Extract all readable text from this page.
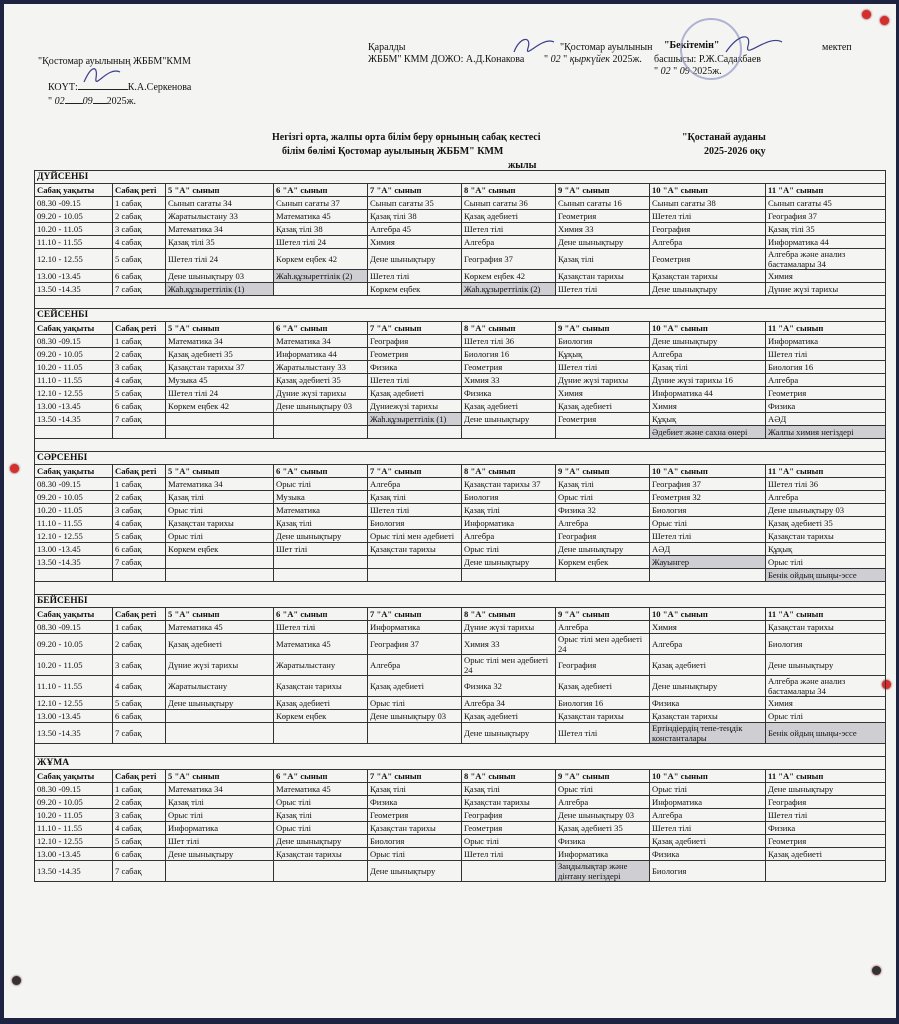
"Қостомар ауылының ЖББМ"КММ

КОҮТ:	К.А.Серкенова

" 02 09 2025ж.

Қаралды
ЖББМ" КММ ДОЖО: А.Д.Конакова " 02 " қыркүйек 2025ж.
"Қостомар ауылынын "Бекітемін"	мектеп
басшысы: Р.Ж.Садакбаев
" 02 " 09 2025ж.
Негізгі орта, жалпы орта білім беру орнының сабақ кестесі
білім бөлімі Қостомар ауылының ЖББМ" КММ
жылы
"Қостанай ауданы
2025-2026 оқу
ДҮЙСЕНБІ								
Сабақ уақыты	Сабақ реті	5 "А" сынып	6 "А" сынып	7 "А" сынып	8 "А" сынып	9 "А" сынып	10 "А" сынып	11 "А" сынып
08.30 -09.15	1 сабақ	Сынып сағаты 34	Сынып сағаты 37	Сынып сағаты 35	Сынып сағаты 36	Сынып сағаты 16	Сынып сағаты 38	Сынып сағаты 45
09.20 - 10.05	2 сабақ	Жаратылыстану 33	Математика 45	Қазақ тілі 38	Қазақ әдебиеті	Геометрия	Шетел тілі	География 37
10.20 - 11.05	3 сабақ	Математика 34	Қазақ тілі 38	Алгебра 45	Шетел тілі	Химия 33	География	Қазақ тілі 35
11.10 - 11.55	4 сабақ	Қазақ тілі 35	Шетел тілі 24	Химия	Алгебра	Дене шынықтыру	Алгебра	Информатика 44
12.10 - 12.55	5 сабақ	Шетел тілі 24	Көркем еңбек 42	Дене шынықтыру	География 37	Қазақ тілі	Геометрия	Алгебра және анализ бастамалары 34
13.00 -13.45	6 сабақ	Дене шынықтыру 03	Жаһ.құзыреттілік (2)	Шетел тілі	Көркем еңбек 42	Қазақстан тарихы	Қазақстан тарихы	Химия
13.50 -14.35	7 сабақ	Жаһ.құзыреттілік (1)		Көркем еңбек	Жаһ.құзыреттілік (2)	Шетел тілі	Дене шынықтыру	Дүние жүзі тарихы

СЕЙСЕНБІ								
Сабақ уақыты	Сабақ реті	5 "А" сынып	6 "А" сынып	7 "А" сынып	8 "А" сынып	9 "А" сынып	10 "А" сынып	11 "А" сынып
08.30 -09.15	1 сабақ	Математика 34	Математика 34	География	Шетел тілі 36	Биология	Дене шынықтыру	Информатика
09.20 - 10.05	2 сабақ	Қазақ әдебиеті 35	Информатика 44	Геометрия	Биология 16	Құқық	Алгебра	Шетел тілі
10.20 - 11.05	3 сабақ	Қазақстан тарихы 37	Жаратылыстану 33	Физика	Геометрия	Шетел тілі	Қазақ тілі	Биология 16
11.10 - 11.55	4 сабақ	Музыка 45	Қазақ әдебиеті 35	Шетел тілі	Химия 33	Дүние жүзі тарихы	Дүние жүзі тарихы 16	Алгебра
12.10 - 12.55	5 сабақ	Шетел тілі 24	Дүние жүзі тарихы	Қазақ әдебиеті	Физика	Химия	Информатика 44	Геометрия
13.00 -13.45	6 сабақ	Көркем еңбек 42	Дене шынықтыру 03	Дүниежүзі тарихы	Қазақ әдебиеті	Қазақ әдебиеті	Химия	Физика
13.50 -14.35	7 сабақ			Жаһ.құзыреттілік (1)	Дене шынықтыру	Геометрия	Құқық	АӘД
							Әдебиет және сахна өнері	Жалпы химия негіздері

СӘРСЕНБІ								
Сабақ уақыты	Сабақ реті	5 "А" сынып	6 "А" сынып	7 "А" сынып	8 "А" сынып	9 "А" сынып	10 "А" сынып	11 "А" сынып
08.30 -09.15	1 сабақ	Математика 34	Орыс тілі	Алгебра	Қазақстан тарихы 37	Қазақ тілі	География 37	Шетел тілі 36
09.20 - 10.05	2 сабақ	Қазақ тілі	Музыка	Қазақ тілі	Биология	Орыс тілі	Геометрия 32	Алгебра
10.20 - 11.05	3 сабақ	Орыс тілі	Математика	Шетел тілі	Қазақ тілі	Физика 32	Биология	Дене шынықтыру 03
11.10 - 11.55	4 сабақ	Қазақстан тарихы	Қазақ тілі	Биология	Информатика	Алгебра	Орыс тілі	Қазақ әдебиеті 35
12.10 - 12.55	5 сабақ	Орыс тілі	Дене шынықтыру	Орыс тілі мен әдебиеті	Алгебра	География	Шетел тілі	Қазақстан тарихы
13.00 -13.45	6 сабақ	Көркем еңбек	Шет тілі	Қазақстан тарихы	Орыс тілі	Дене шынықтыру	АӘД	Құқық
13.50 -14.35	7 сабақ				Дене шынықтыру	Көркем еңбек	Жауынгер	Орыс тілі
								Бенік ойдың шыңы-эссе

БЕЙСЕНБІ								
Сабақ уақыты	Сабақ реті	5 "А" сынып	6 "А" сынып	7 "А" сынып	8 "А" сынып	9 "А" сынып	10 "А" сынып	11 "А" сынып
08.30 -09.15	1 сабақ	Математика 45	Шетел тілі	Информатика	Дүние жүзі тарихы	Алгебра	Химия	Қазақстан тарихы
09.20 - 10.05	2 сабақ	Қазақ әдебиеті	Математика 45	География 37	Химия 33	Орыс тілі мен әдебиеті 24	Алгебра	Биология
10.20 - 11.05	3 сабақ	Дүние жүзі тарихы	Жаратылыстану	Алгебра	Орыс тілі мен әдебиеті 24	География	Қазақ әдебиеті	Дене шынықтыру
11.10 - 11.55	4 сабақ	Жаратылыстану	Қазақстан тарихы	Қазақ әдебиеті	Физика 32	Қазақ әдебиеті	Дене шынықтыру	Алгебра және анализ бастамалары 34
12.10 - 12.55	5 сабақ	Дене шынықтыру	Қазақ әдебиеті	Орыс тілі	Алгебра 34	Биология 16	Физика	Химия
13.00 -13.45	6 сабақ		Көркем еңбек	Дене шынықтыру 03	Қазақ әдебиеті	Қазақстан тарихы	Қазақстан тарихы	Орыс тілі
13.50 -14.35	7 сабақ				Дене шынықтыру	Шетел тілі	Ертіндіердің тепе-теңдік константалары	Бенік ойдың шыңы-эссе

ЖҰМА								
Сабақ уақыты	Сабақ реті	5 "А" сынып	6 "А" сынып	7 "А" сынып	8 "А" сынып	9 "А" сынып	10 "А" сынып	11 "А" сынып
08.30 -09.15	1 сабақ	Математика 34	Математика 45	Қазақ тілі	Қазақ тілі	Орыс тілі	Орыс тілі	Дене шынықтыру
09.20 - 10.05	2 сабақ	Қазақ тілі	Орыс тілі	Физика	Қазақстан тарихы	Алгебра	Информатика	География
10.20 - 11.05	3 сабақ	Орыс тілі	Қазақ тілі	Геометрия	География	Дене шынықтыру 03	Алгебра	Шетел тілі
11.10 - 11.55	4 сабақ	Информатика	Орыс тілі	Қазақстан тарихы	Геометрия	Қазақ әдебиеті 35	Шетел тілі	Физика
12.10 - 12.55	5 сабақ	Шет тілі	Дене шынықтыру	Биология	Орыс тілі	Физика	Қазақ әдебиеті	Геометрия
13.00 -13.45	6 сабақ	Дене шынықтыру	Қазақстан тарихы	Орыс тілі	Шетел тілі	Информатика	Физика	Қазақ әдебиеті
13.50 -14.35	7 сабақ			Дене шынықтыру		Заңдылықтар және дінтану негіздері	Биология	
